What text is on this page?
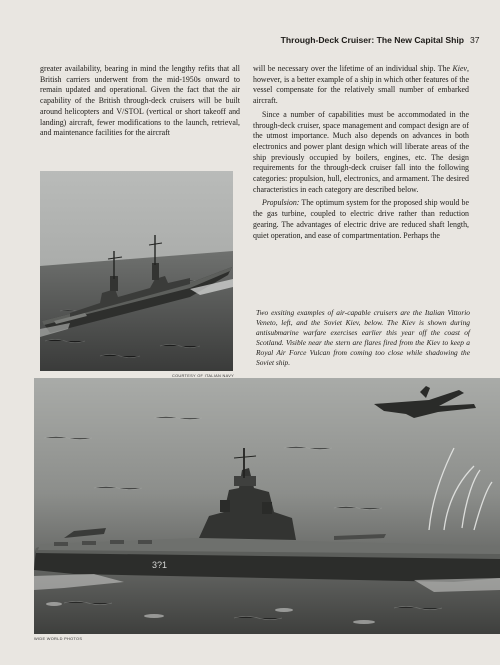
Through-Deck Cruiser: The New Capital Ship 37

greater availability, bearing in mind the lengthy refits that all British carriers underwent from the mid-1950s onward to remain updated and operational. Given the fact that the air capability of the British through-deck cruisers will be built around helicopters and V/STOL (vertical or short takeoff and landing) aircraft, fewer modifications to the launch, retrieval, and maintenance facilities for the aircraft

COURTESY OF ITALIAN NAVY

will be necessary over the lifetime of an individual ship. The Kiev, however, is a better example of a ship in which other features of the vessel compensate for the relatively small number of embarked aircraft.

Since a number of capabilities must be accommodated in the through-deck cruiser, space management and compact design are of the utmost importance. Much also depends on advances in both electronics and power plant design which will liberate areas of the ship previously occupied by boilers, engines, etc. The design requirements for the through-deck cruiser fall into the following categories: propulsion, hull, electronics, and armament. The desired characteristics in each category are described below.

Propulsion: The optimum system for the proposed ship would be the gas turbine, coupled to electric drive rather than reduction gearing. The advantages of electric drive are reduced shaft length, quiet operation, and ease of compartmentation. Perhaps the

Two exsiting examples of air-capable cruisers are the Italian Vittorio Veneto, left, and the Soviet Kiev, below. The Kiev is shown during antisubmarine warfare exercises earlier this year off the coast of Scotland. Visible near the stern are flares fired from the Kiev to keep a Royal Air Force Vulcan from coming too close while shadowing the Soviet ship.
3?1
WIDE WORLD PHOTOS
